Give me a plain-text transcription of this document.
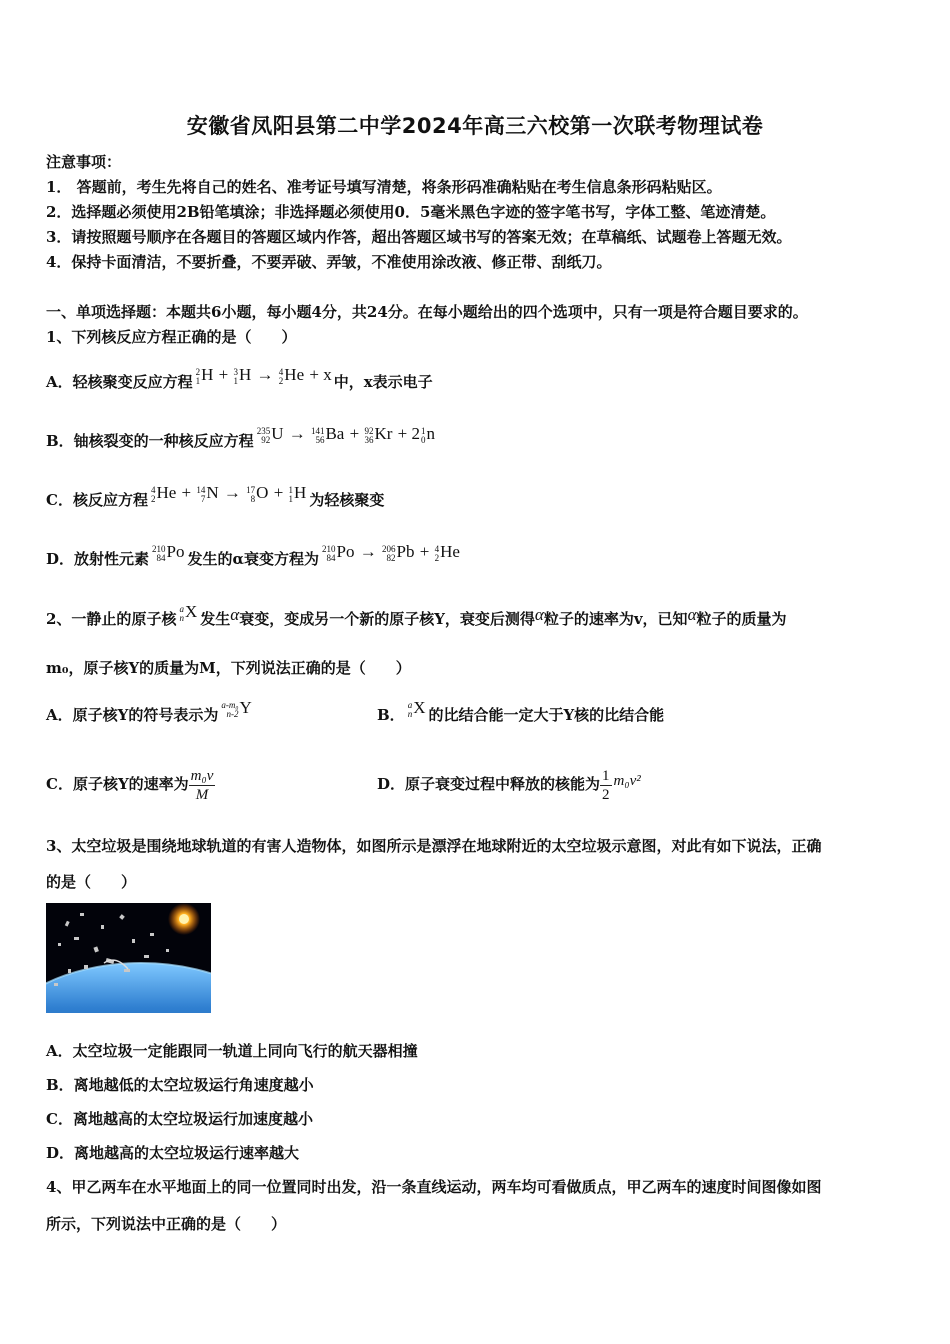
安徽省凤阳县第二中学2024年高三六校第一次联考物理试卷
注意事项：
1． 答题前，考生先将自己的姓名、准考证号填写清楚，将条形码准确粘贴在考生信息条形码粘贴区。
2．选择题必须使用2B铅笔填涂；非选择题必须使用0．5毫米黑色字迹的签字笔书写，字体工整、笔迹清楚。
3．请按照题号顺序在各题目的答题区域内作答，超出答题区域书写的答案无效；在草稿纸、试题卷上答题无效。
4．保持卡面清洁，不要折叠，不要弄破、弄皱，不准使用涂改液、修正带、刮纸刀。
一、单项选择题：本题共6小题，每小题4分，共24分。在每小题给出的四个选项中，只有一项是符合题目要求的。
1、下列核反应方程正确的是（　　）
A．轻核聚变反应方程
2
1 H + 3
1 H → 4
2 He + x 中，x表示电子
B．铀核裂变的一种核反应方程
235
92 U → 141
56 Ba + 92
36 Kr + 2 1
0 n
C．核反应方程
4
2 He + 14
7 N → 17
8 O + 1
1 H 为轻核聚变
D．放射性元素
210
84 Po 发生的α衰变方程为
210
84 Po → 206
82 Pb + 4
2 He
2、一静止的原子核
a
n X 发生α衰变，变成另一个新的原子核Y，衰变后测得α粒子的速率为v，已知α粒子的质量为
m₀，原子核Y的质量为M，下列说法正确的是（　　）
A．原子核Y的符号表示为
a-m₀
n-2 Y	B．
a
n X 的比结合能一定大于Y核的比结合能
C．原子核Y的速率为 $\frac{\text{m₀v}}{M}$	D．原子衰变过程中释放的核能为 $\frac{1}{2} m_0v^2$
3、太空垃圾是围绕地球轨道的有害人造物体，如图所示是漂浮在地球附近的太空垃圾示意图，对此有如下说法，正确
的是（　　）
A．太空垃圾一定能跟同一轨道上同向飞行的航天器相撞
B．离地越低的太空垃圾运行角速度越小
C．离地越高的太空垃圾运行加速度越小
D．离地越高的太空垃圾运行速率越大
4、甲乙两车在水平地面上的同一位置同时出发，沿一条直线运动，两车均可看做质点，甲乙两车的速度时间图像如图
所示，下列说法中正确的是（　　）
